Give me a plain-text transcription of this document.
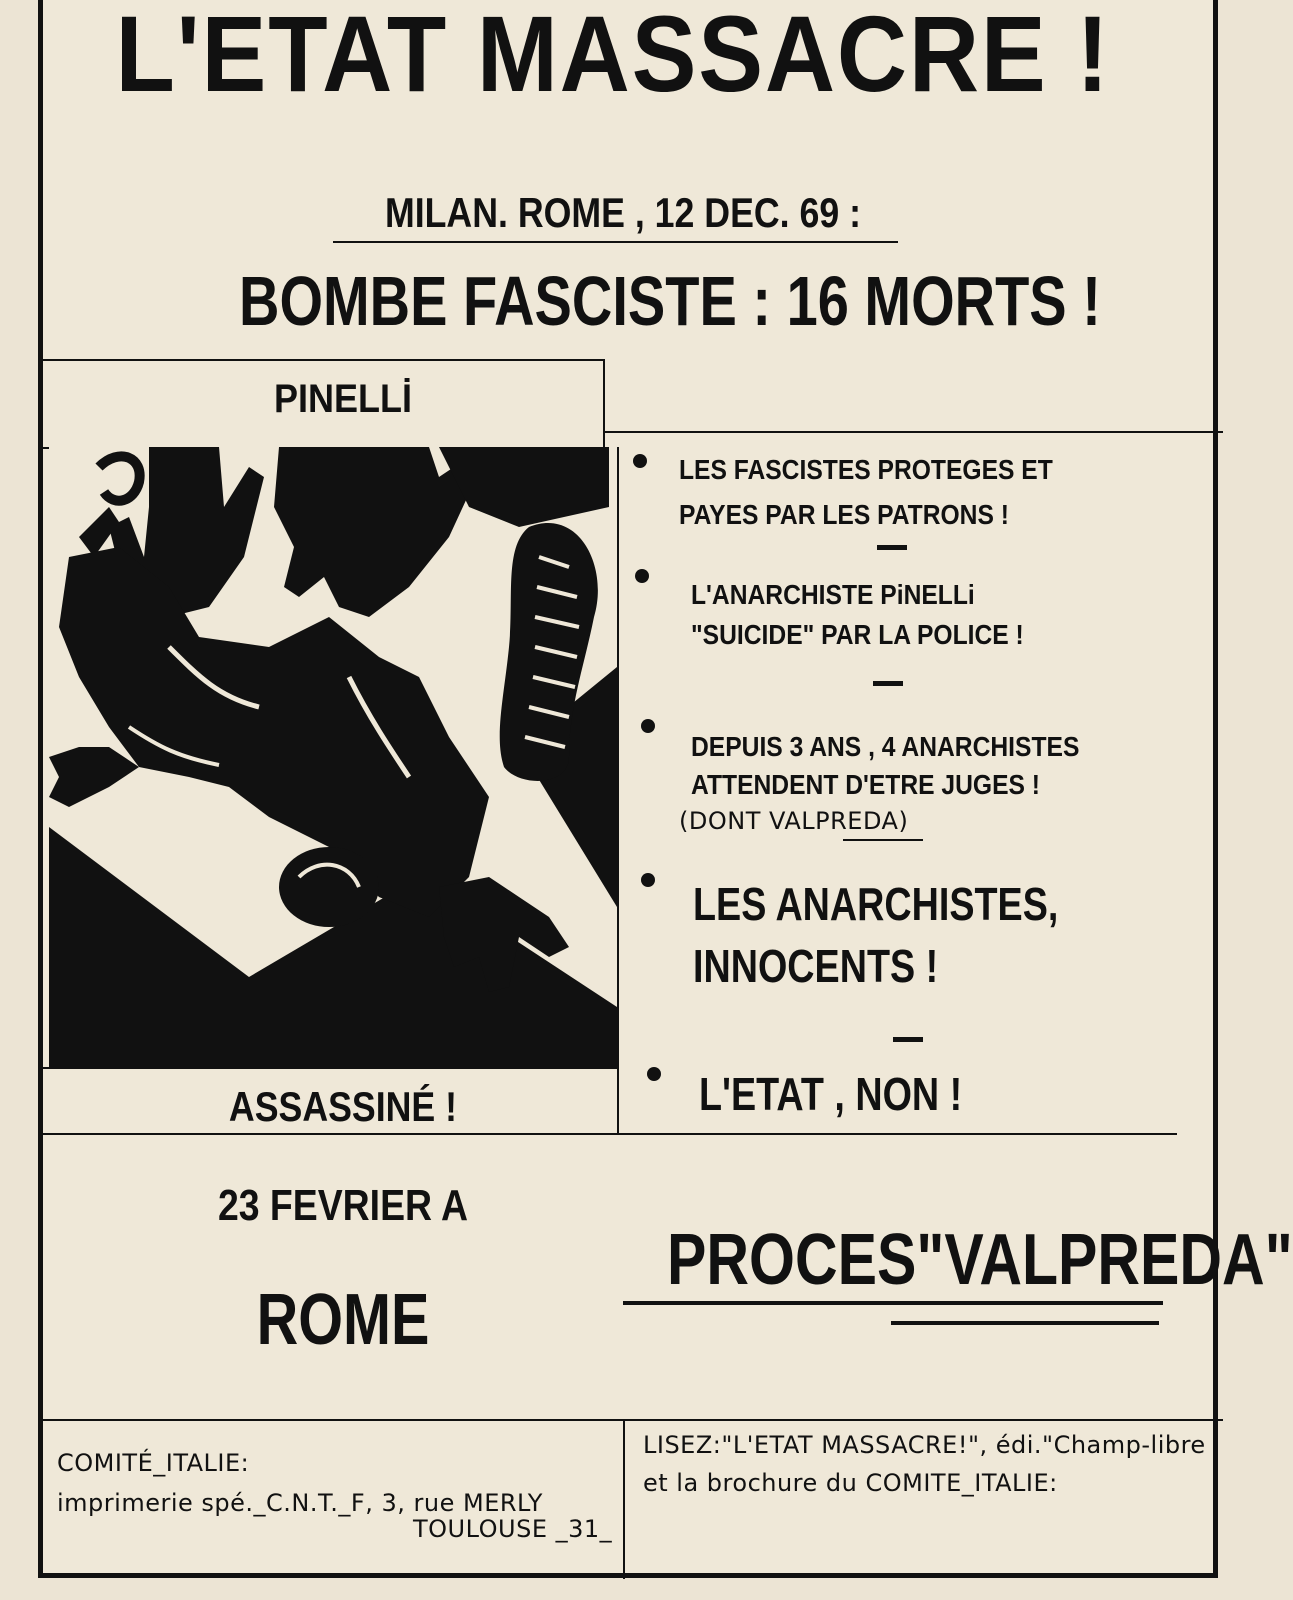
L'ETAT MASSACRE !
MILAN. ROME , 12 DEC. 69 :
BOMBE FASCISTE : 16 MORTS !
PINELLİ
LES FASCISTES PROTEGES ET
PAYES PAR LES PATRONS !
L'ANARCHISTE PiNELLi
"SUICIDE" PAR LA POLICE !
DEPUIS 3 ANS , 4 ANARCHISTES
ATTENDENT D'ETRE JUGES !
(DONT VALPREDA)
LES ANARCHISTES,
INNOCENTS !
L'ETAT , NON !
ASSASSINÉ !
23 FEVRIER A
ROME
PROCES"VALPREDA"
COMITÉ_ITALIE:
imprimerie spé._C.N.T._F, 3, rue MERLY
TOULOUSE _31_
LISEZ:"L'ETAT MASSACRE!", édi."Champ-libre
et la brochure du COMITE_ITALIE:
